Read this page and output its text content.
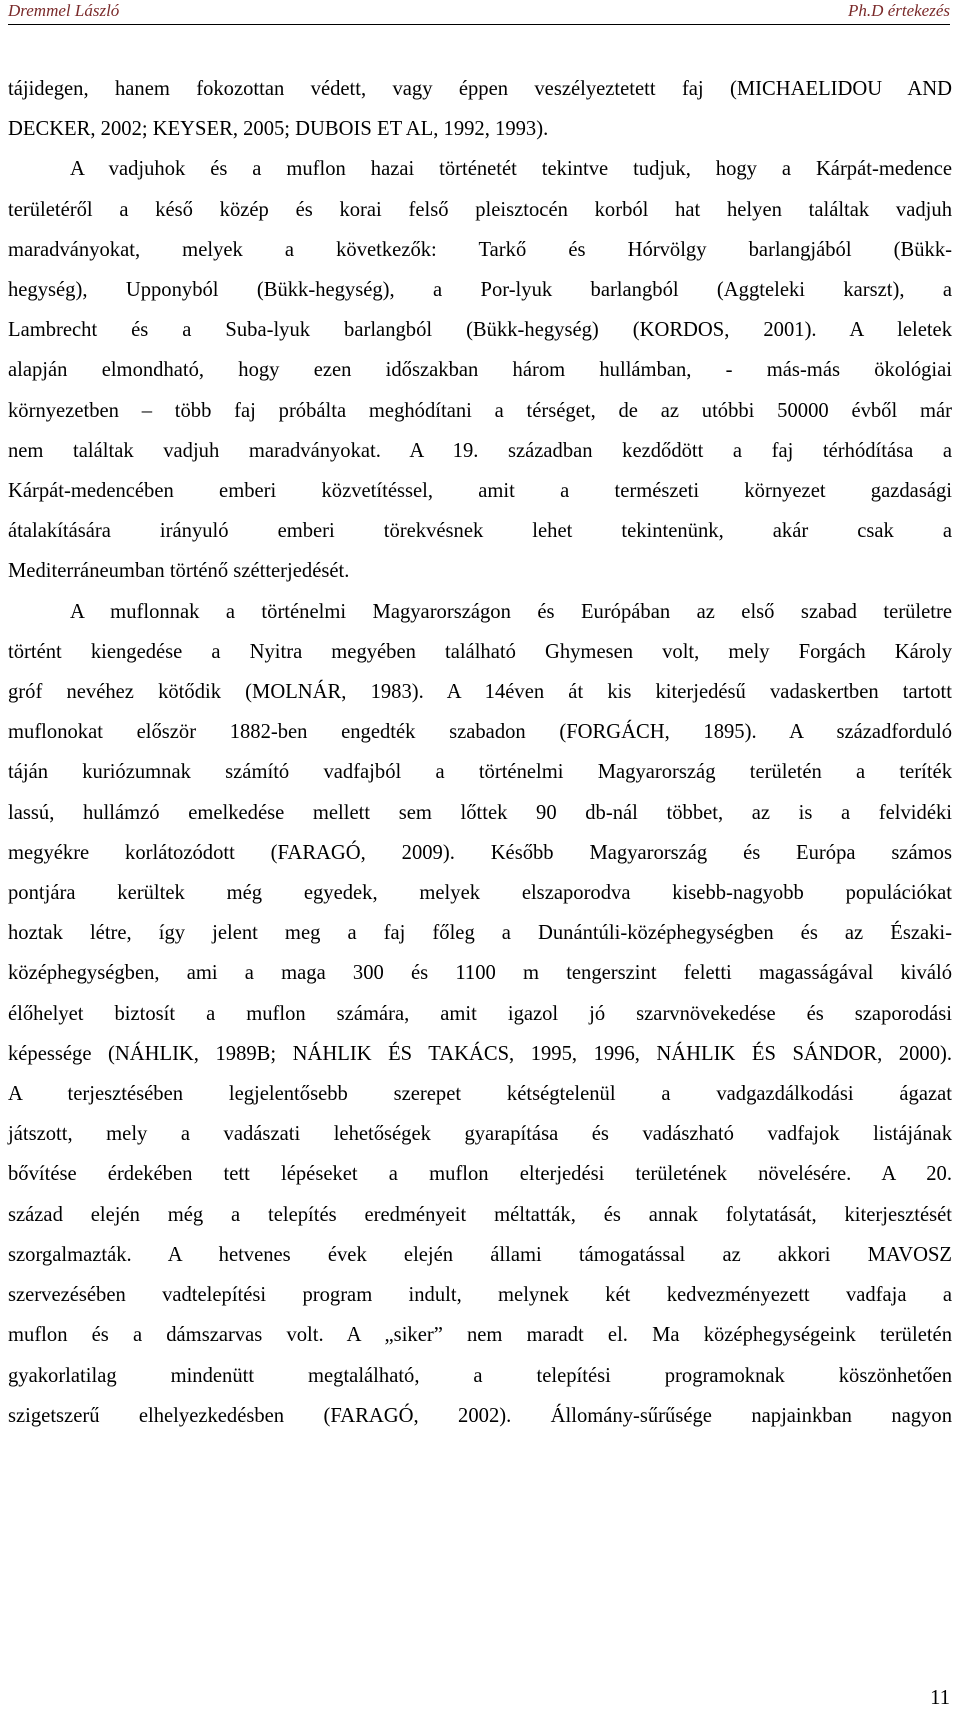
Dremmel László	Ph.D értekezés

tájidegen, hanem fokozottan védett, vagy éppen veszélyeztetett faj (MICHAELIDOU AND
DECKER, 2002; KEYSER, 2005; DUBOIS ET AL, 1992, 1993).

A vadjuhok és a muflon hazai történetét tekintve tudjuk, hogy a Kárpát-medence
területéről a késő közép és korai felső pleisztocén korból hat helyen találtak vadjuh
maradványokat, melyek a következők: Tarkő és Hórvölgy barlangjából (Bükk-
hegység), Upponyból (Bükk-hegység), a Por-lyuk barlangból (Aggteleki karszt), a
Lambrecht és a Suba-lyuk barlangból (Bükk-hegység) (KORDOS, 2001). A leletek
alapján elmondható, hogy ezen időszakban három hullámban, - más-más ökológiai
környezetben – több faj próbálta meghódítani a térséget, de az utóbbi 50000 évből már
nem találtak vadjuh maradványokat. A 19. században kezdődött a faj térhódítása a
Kárpát-medencében emberi közvetítéssel, amit a természeti környezet gazdasági
átalakítására irányuló emberi törekvésnek lehet tekintenünk, akár csak a
Mediterráneumban történő szétterjedését.

A muflonnak a történelmi Magyarországon és Európában az első szabad területre
történt kiengedése a Nyitra megyében található Ghymesen volt, mely Forgách Károly
gróf nevéhez kötődik (MOLNÁR, 1983). A 14éven át kis kiterjedésű vadaskertben tartott
muflonokat először 1882-ben engedték szabadon (FORGÁCH, 1895). A századforduló
táján kuriózumnak számító vadfajból a történelmi Magyarország területén a teríték
lassú, hullámzó emelkedése mellett sem lőttek 90 db-nál többet, az is a felvidéki
megyékre korlátozódott (FARAGÓ, 2009). Később Magyarország és Európa számos
pontjára kerültek még egyedek, melyek elszaporodva kisebb-nagyobb populációkat
hoztak létre, így jelent meg a faj főleg a Dunántúli-középhegységben és az Északi-
középhegységben, ami a maga 300 és 1100 m tengerszint feletti magasságával kiváló
élőhelyet biztosít a muflon számára, amit igazol jó szarvnövekedése és szaporodási
képessége (NÁHLIK, 1989B; NÁHLIK ÉS TAKÁCS, 1995, 1996, NÁHLIK ÉS SÁNDOR, 2000).
A terjesztésében legjelentősebb szerepet kétségtelenül a vadgazdálkodási ágazat
játszott, mely a vadászati lehetőségek gyarapítása és vadászható vadfajok listájának
bővítése érdekében tett lépéseket a muflon elterjedési területének növelésére. A 20.
század elején még a telepítés eredményeit méltatták, és annak folytatását, kiterjesztését
szorgalmazták. A hetvenes évek elején állami támogatással az akkori MAVOSZ
szervezésében vadtelepítési program indult, melynek két kedvezményezett vadfaja a
muflon és a dámszarvas volt. A „siker” nem maradt el. Ma középhegységeink területén
gyakorlatilag mindenütt megtalálható, a telepítési programoknak köszönhetően
szigetszerű elhelyezkedésben (FARAGÓ, 2002). Állomány-sűrűsége napjainkban nagyon

11
